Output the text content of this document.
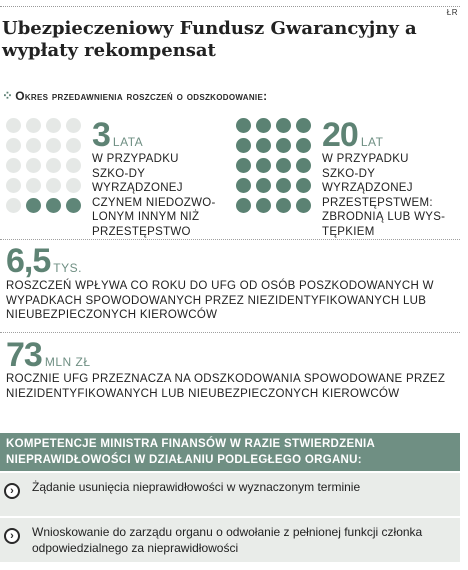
ŁR
Ubezpieczeniowy Fundusz Gwarancyjny a wypłaty rekompensat
⁘ Okres przedawnienia roszczeń o odszkodowanie:
3 LATA
W PRZYPADKU SZKO-DY WYRZĄDZONEJ CZYNEM NIEDOZWO-LONYM INNYM NIŻ PRZESTĘPSTWO
20 LAT
W PRZYPADKU SZKO-DY WYRZĄDZONEJ PRZESTĘPSTWEM: ZBRODNIĄ LUB WYS-TĘPKIEM
6,5 TYS.
ROSZCZEŃ WPŁYWA CO ROKU DO UFG OD OSÓB POSZKODOWANYCH W WYPADKACH SPOWODOWANYCH PRZEZ NIEZIDENTYFIKOWANYCH LUB NIEUBEZPIECZONYCH KIEROWCÓW
73 MLN ZŁ
ROCZNIE UFG PRZEZNACZA NA ODSZKODOWANIA SPOWODOWANE PRZEZ NIEZIDENTYFIKOWANYCH LUB NIEUBEZPIECZONYCH KIEROWCÓW
KOMPETENCJE MINISTRA FINANSÓW W RAZIE STWIERDZENIA NIEPRAWIDŁOWOŚCI W DZIAŁANIU PODLEGŁEGO ORGANU:
›	Żądanie usunięcia nieprawidłowości w wyznaczonym terminie
›	Wnioskowanie do zarządu organu o odwołanie z pełnionej funkcji członka odpowiedzialnego za nieprawidłowości
